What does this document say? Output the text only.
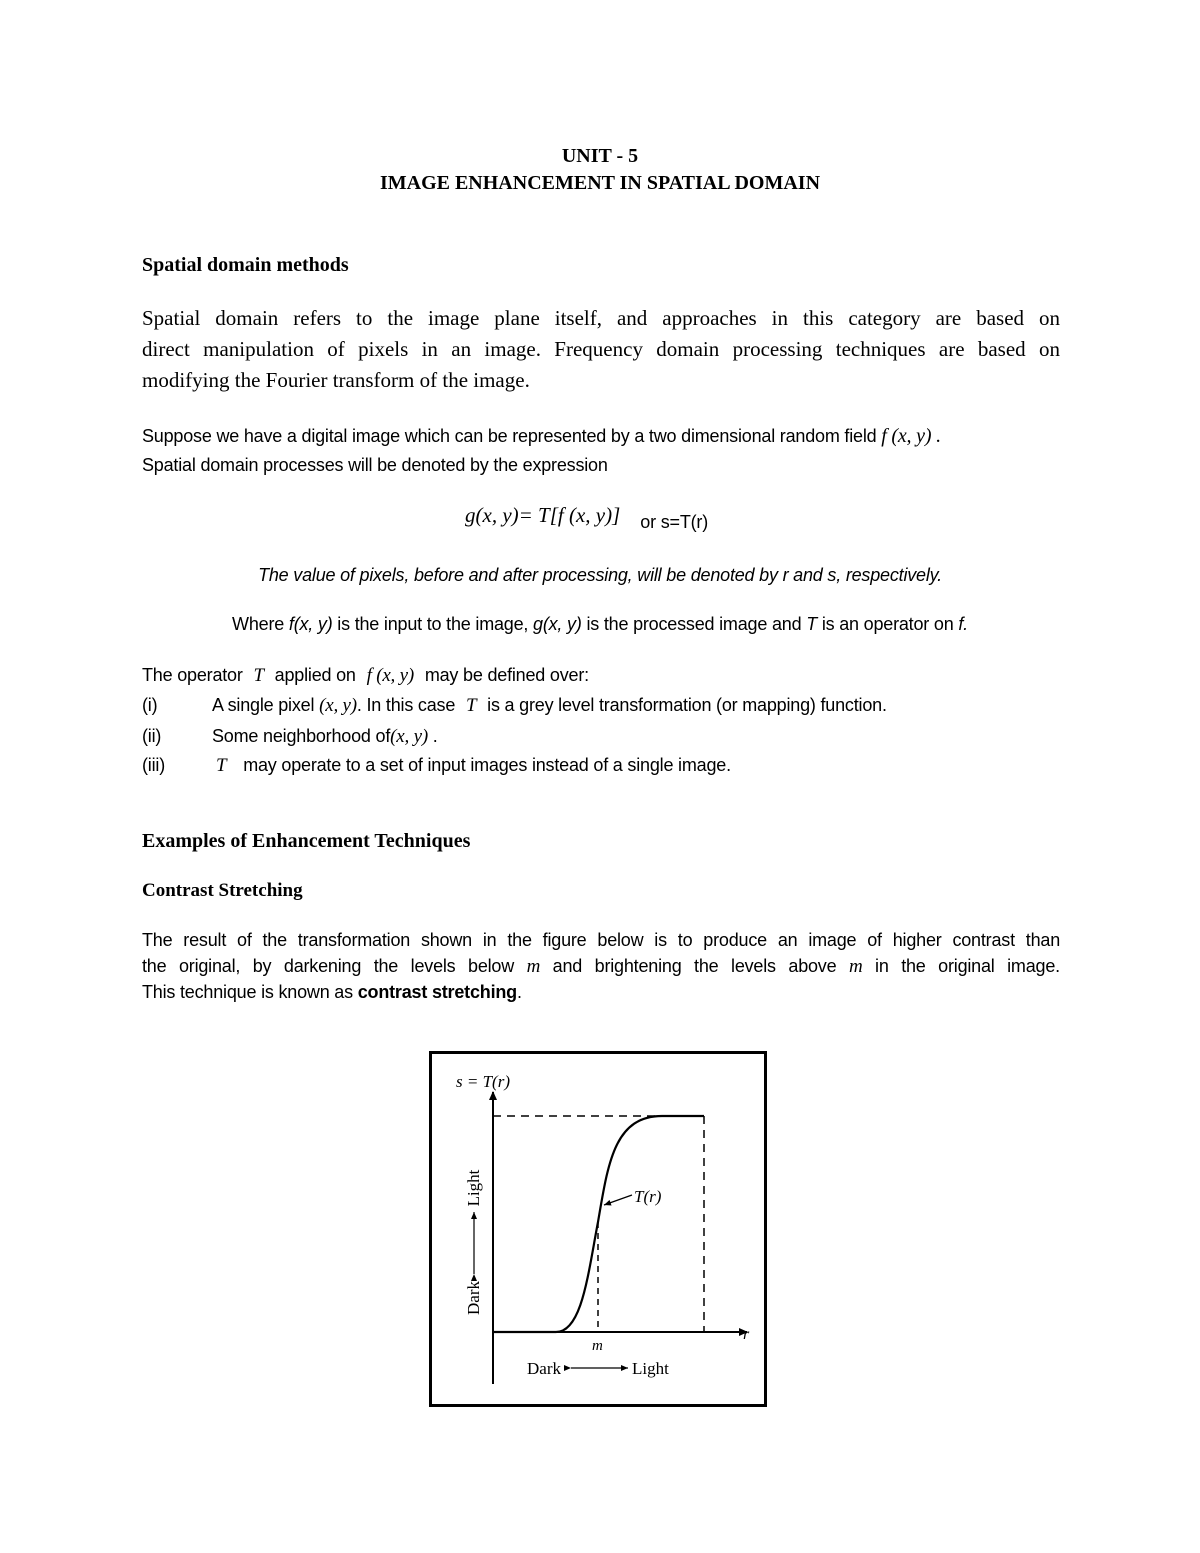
UNIT - 5
IMAGE ENHANCEMENT IN SPATIAL DOMAIN
Spatial domain methods
Spatial domain refers to the image plane itself, and approaches in this category are based on
direct manipulation of pixels in an image. Frequency domain processing techniques are based on
modifying the Fourier transform of the image.
Suppose we have a digital image which can be represented by a two dimensional random field f (x, y) .
Spatial domain processes will be denoted by the expression
g(x, y)= T[f (x, y)] or s=T(r)
The value of pixels, before and after processing, will be denoted by r and s, respectively.
Where f(x, y) is the input to the image, g(x, y) is the processed image and T is an operator on f.
The operator T applied on f (x, y) may be defined over:
(i)	A single pixel (x, y). In this case T is a grey level transformation (or mapping) function.
(ii)	Some neighborhood of(x, y) .
(iii)	T may operate to a set of input images instead of a single image.
Examples of Enhancement Techniques
Contrast Stretching
The result of the transformation shown in the figure below is to produce an image of higher contrast than
the original, by darkening the levels below m and brightening the levels above m in the original image.
This technique is known as contrast stretching.
s = T(r)
r
T(r)
m
Dark
Light
Dark	Light
